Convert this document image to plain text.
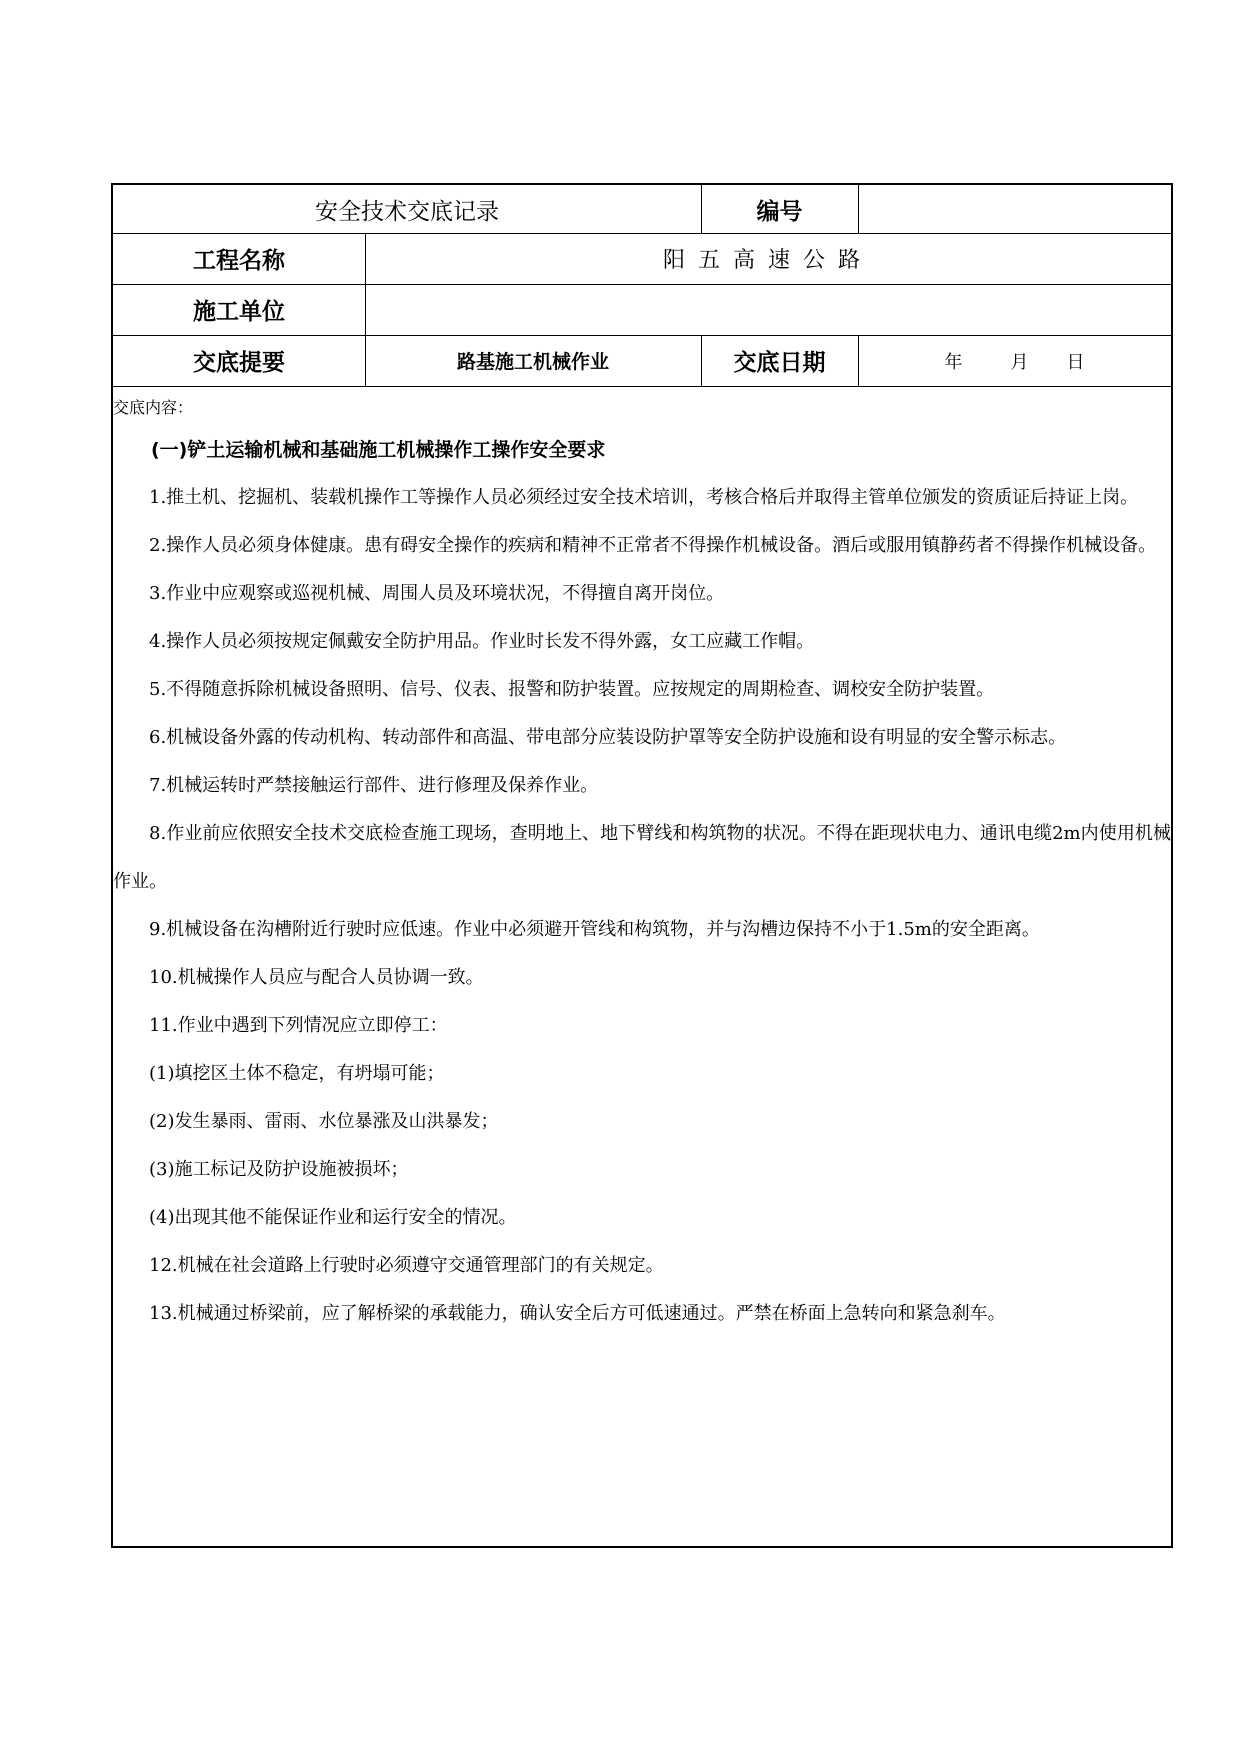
安全技术交底记录	编号
工程名称	阳五高速公路
施工单位
交底提要	路基施工机械作业	交底日期	年	月 日

交底内容：

(一)铲土运输机械和基础施工机械操作工操作安全要求

1.推土机、挖掘机、装载机操作工等操作人员必须经过安全技术培训，考核合格后并取得主管单位颁发的资质证后持证上岗。

2.操作人员必须身体健康。患有碍安全操作的疾病和精神不正常者不得操作机械设备。酒后或服用镇静药者不得操作机械设备。

3.作业中应观察或巡视机械、周围人员及环境状况，不得擅自离开岗位。

4.操作人员必须按规定佩戴安全防护用品。作业时长发不得外露，女工应藏工作帽。

5.不得随意拆除机械设备照明、信号、仪表、报警和防护装置。应按规定的周期检查、调校安全防护装置。

6.机械设备外露的传动机构、转动部件和高温、带电部分应装设防护罩等安全防护设施和设有明显的安全警示标志。

7.机械运转时严禁接触运行部件、进行修理及保养作业。

8.作业前应依照安全技术交底检查施工现场，查明地上、地下臂线和构筑物的状况。不得在距现状电力、通讯电缆2m内使用机械作业。

9.机械设备在沟槽附近行驶时应低速。作业中必须避开管线和构筑物，并与沟槽边保持不小于1.5m的安全距离。

10.机械操作人员应与配合人员协调一致。

11.作业中遇到下列情况应立即停工：

(1)填挖区土体不稳定，有坍塌可能；

(2)发生暴雨、雷雨、水位暴涨及山洪暴发；

(3)施工标记及防护设施被损坏；

(4)出现其他不能保证作业和运行安全的情况。

12.机械在社会道路上行驶时必须遵守交通管理部门的有关规定。

13.机械通过桥梁前，应了解桥梁的承载能力，确认安全后方可低速通过。严禁在桥面上急转向和紧急刹车。
